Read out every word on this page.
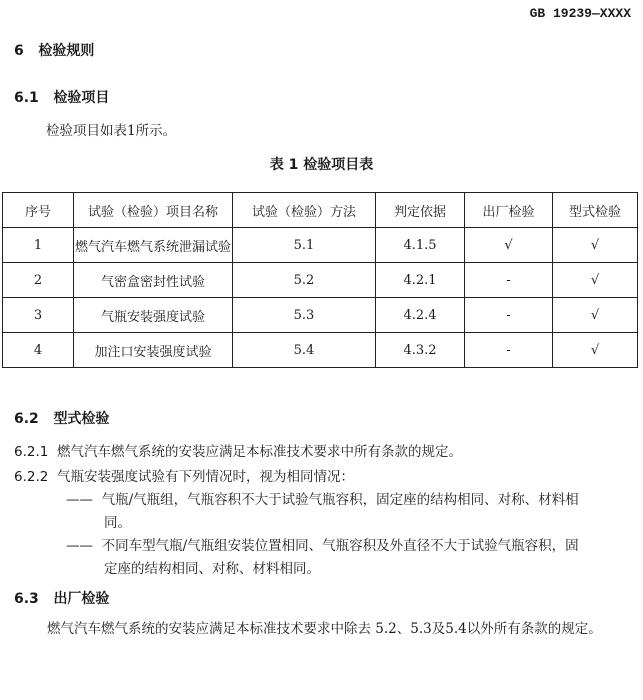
GB 19239—XXXX
6 检验规则
6.1 检验项目
检验项目如表1所示。
表 1 检验项目表
序号	试验（检验）项目名称	试验（检验）方法	判定依据	出厂检验	型式检验
1	燃气汽车燃气系统泄漏试验	5.1	4.1.5	√	√
2	气密盒密封性试验	5.2	4.2.1	-	√
3	气瓶安装强度试验	5.3	4.2.4	-	√
4	加注口安装强度试验	5.4	4.3.2	-	√
6.2 型式检验
6.2.1 燃气汽车燃气系统的安装应满足本标准技术要求中所有条款的规定。
6.2.2 气瓶安装强度试验有下列情况时，视为相同情况：
—— 气瓶/气瓶组，气瓶容积不大于试验气瓶容积，固定座的结构相同、对称、材料相
同。
—— 不同车型气瓶/气瓶组安装位置相同、气瓶容积及外直径不大于试验气瓶容积，固
定座的结构相同、对称、材料相同。
6.3 出厂检验
燃气汽车燃气系统的安装应满足本标准技术要求中除去 5.2、5.3及5.4以外所有条款的规定。
